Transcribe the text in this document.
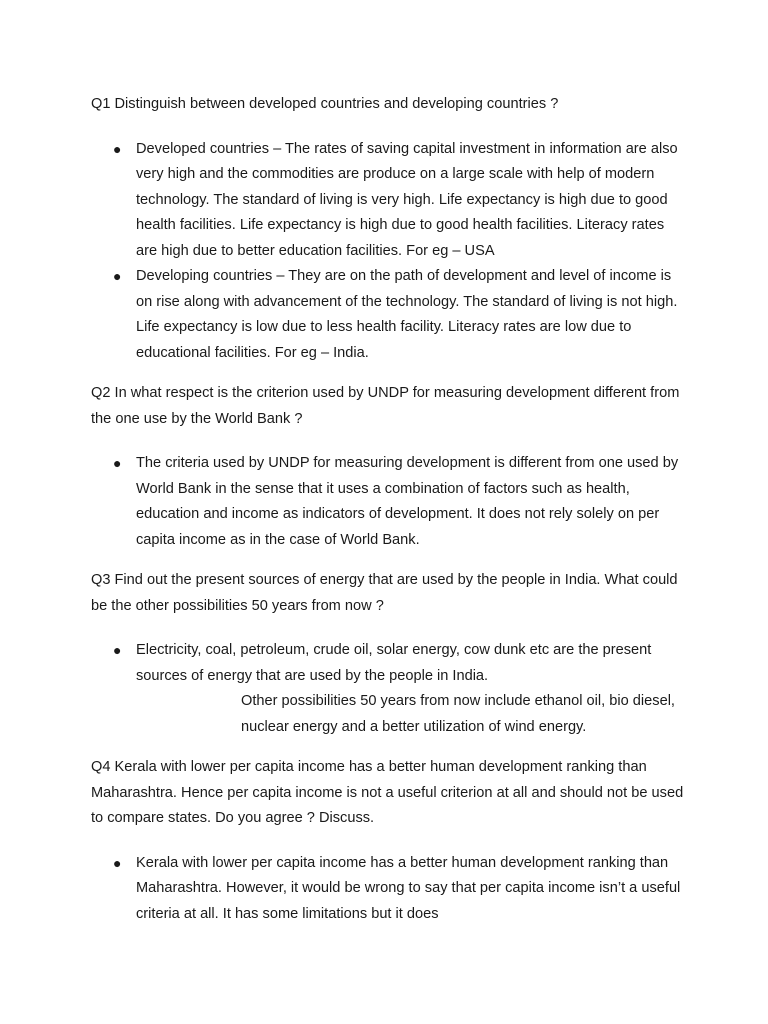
Q1 Distinguish between developed countries and developing countries ?

● Developed countries – The rates of saving capital investment in information are also very high and the commodities are produce on a large scale with help of modern technology. The standard of living is very high. Life expectancy is high due to good health facilities. Life expectancy is high due to good health facilities. Literacy rates are high due to better education facilities. For eg – USA
● Developing countries – They are on the path of development and level of income is on rise along with advancement of the technology. The standard of living is not high. Life expectancy is low due to less health facility. Literacy rates are low due to educational facilities. For eg – India.

Q2 In what respect is the criterion used by UNDP for measuring development different from the one use by the World Bank ?

● The criteria used by UNDP for measuring development is different from one used by World Bank in the sense that it uses a combination of factors such as health, education and income as indicators of development. It does not rely solely on per capita income as in the case of World Bank.

Q3 Find out the present sources of energy that are used by the people in India. What could be the other possibilities 50 years from now ?

● Electricity, coal, petroleum, crude oil, solar energy, cow dunk etc are the present sources of energy that are used by the people in India.
Other possibilities 50 years from now include ethanol oil, bio diesel, nuclear energy and a better utilization of wind energy.

Q4 Kerala with lower per capita income has a better human development ranking than Maharashtra. Hence per capita income is not a useful criterion at all and should not be used to compare states. Do you agree ? Discuss.

● Kerala with lower per capita income has a better human development ranking than Maharashtra. However, it would be wrong to say that per capita income isn’t a useful criteria at all. It has some limitations but it does
